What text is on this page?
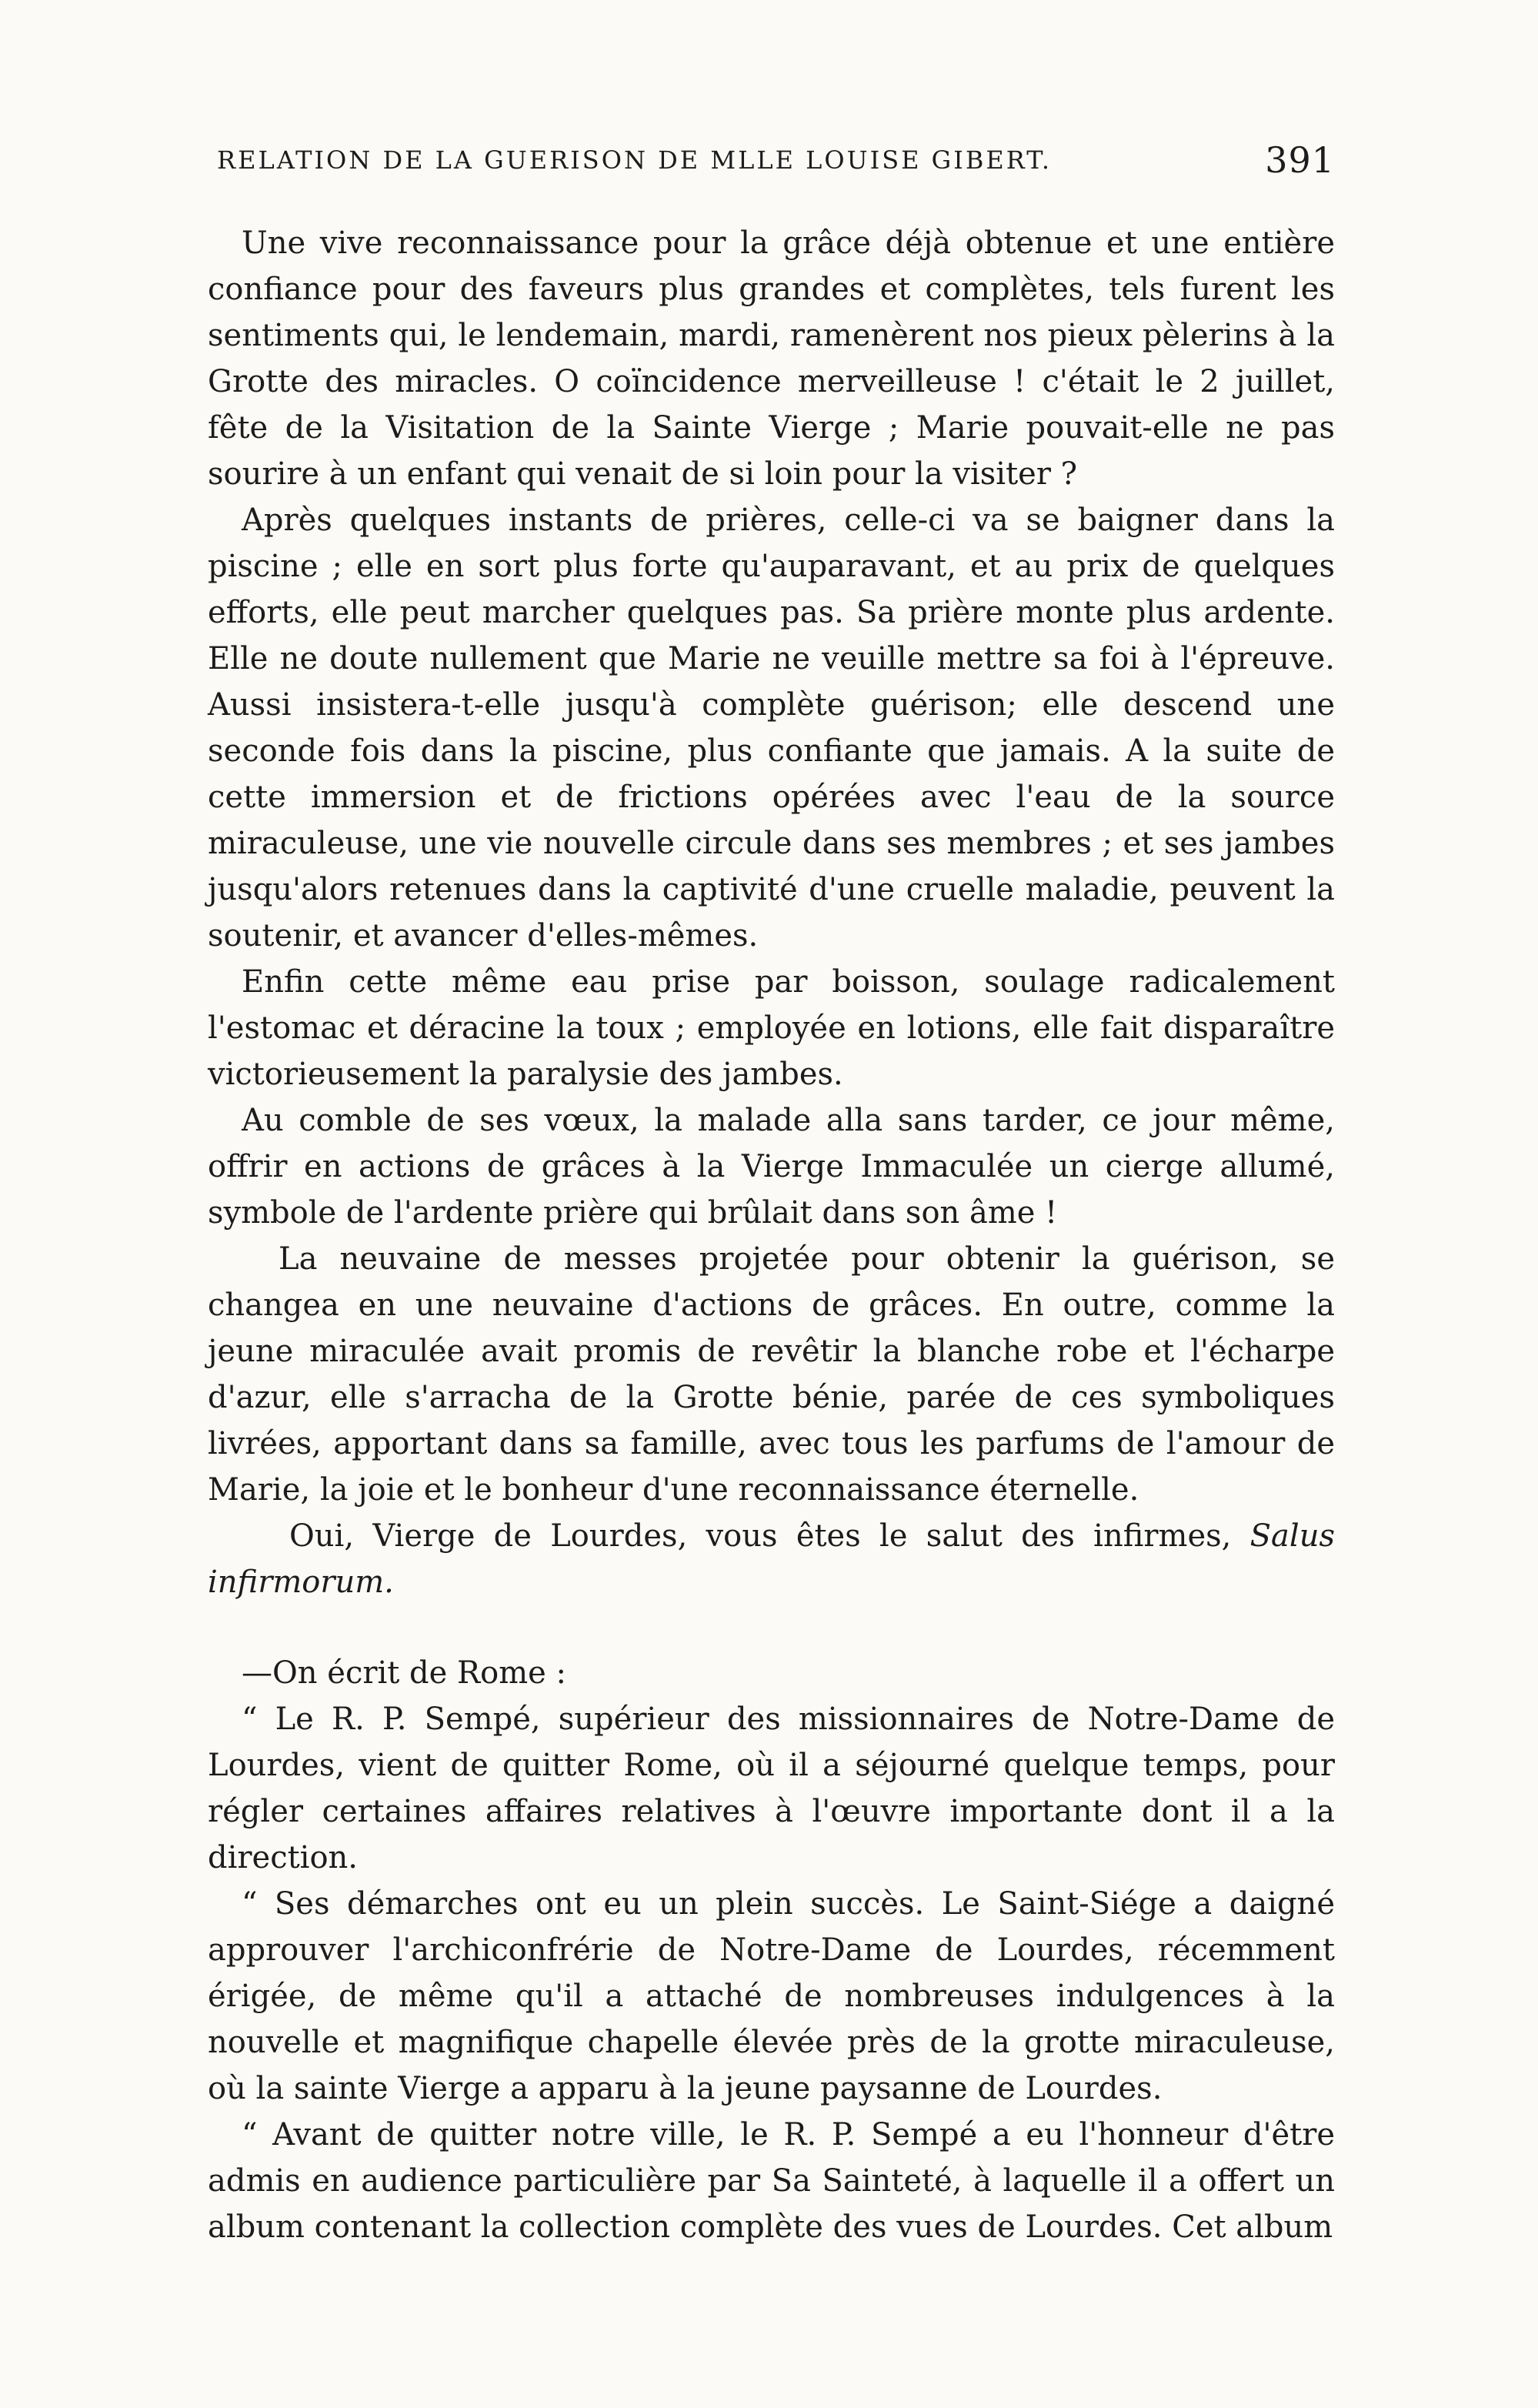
RELATION DE LA GUERISON DE MLLE LOUISE GIBERT.	391

Une vive reconnaissance pour la grâce déjà obtenue et une entière confiance pour des faveurs plus grandes et complètes, tels furent les sentiments qui, le lendemain, mardi, ramenèrent nos pieux pèlerins à la Grotte des miracles. O coïncidence merveilleuse ! c'était le 2 juillet, fête de la Visitation de la Sainte Vierge ; Marie pouvait-elle ne pas sourire à un enfant qui venait de si loin pour la visiter ?

Après quelques instants de prières, celle-ci va se baigner dans la piscine ; elle en sort plus forte qu'auparavant, et au prix de quelques efforts, elle peut marcher quelques pas. Sa prière monte plus ardente. Elle ne doute nullement que Marie ne veuille mettre sa foi à l'épreuve. Aussi insistera-t-elle jusqu'à complète guérison; elle descend une seconde fois dans la piscine, plus confiante que jamais. A la suite de cette immersion et de frictions opérées avec l'eau de la source miraculeuse, une vie nouvelle circule dans ses membres ; et ses jambes jusqu'alors retenues dans la captivité d'une cruelle maladie, peuvent la soutenir, et avancer d'elles-mêmes.

Enfin cette même eau prise par boisson, soulage radicalement l'estomac et déracine la toux ; employée en lotions, elle fait disparaître victorieusement la paralysie des jambes.

Au comble de ses vœux, la malade alla sans tarder, ce jour même, offrir en actions de grâces à la Vierge Immaculée un cierge allumé, symbole de l'ardente prière qui brûlait dans son âme !

La neuvaine de messes projetée pour obtenir la guérison, se changea en une neuvaine d'actions de grâces. En outre, comme la jeune miraculée avait promis de revêtir la blanche robe et l'écharpe d'azur, elle s'arracha de la Grotte bénie, parée de ces symboliques livrées, apportant dans sa famille, avec tous les parfums de l'amour de Marie, la joie et le bonheur d'une reconnaissance éternelle.

Oui, Vierge de Lourdes, vous êtes le salut des infirmes, Salus infirmorum.

—On écrit de Rome :

“ Le R. P. Sempé, supérieur des missionnaires de Notre-Dame de Lourdes, vient de quitter Rome, où il a séjourné quelque temps, pour régler certaines affaires relatives à l'œuvre importante dont il a la direction.

“ Ses démarches ont eu un plein succès. Le Saint-Siége a daigné approuver l'archiconfrérie de Notre-Dame de Lourdes, récemment érigée, de même qu'il a attaché de nombreuses indulgences à la nouvelle et magnifique chapelle élevée près de la grotte miraculeuse, où la sainte Vierge a apparu à la jeune paysanne de Lourdes.

“ Avant de quitter notre ville, le R. P. Sempé a eu l'honneur d'être admis en audience particulière par Sa Sainteté, à laquelle il a offert un album contenant la collection complète des vues de Lourdes. Cet album
